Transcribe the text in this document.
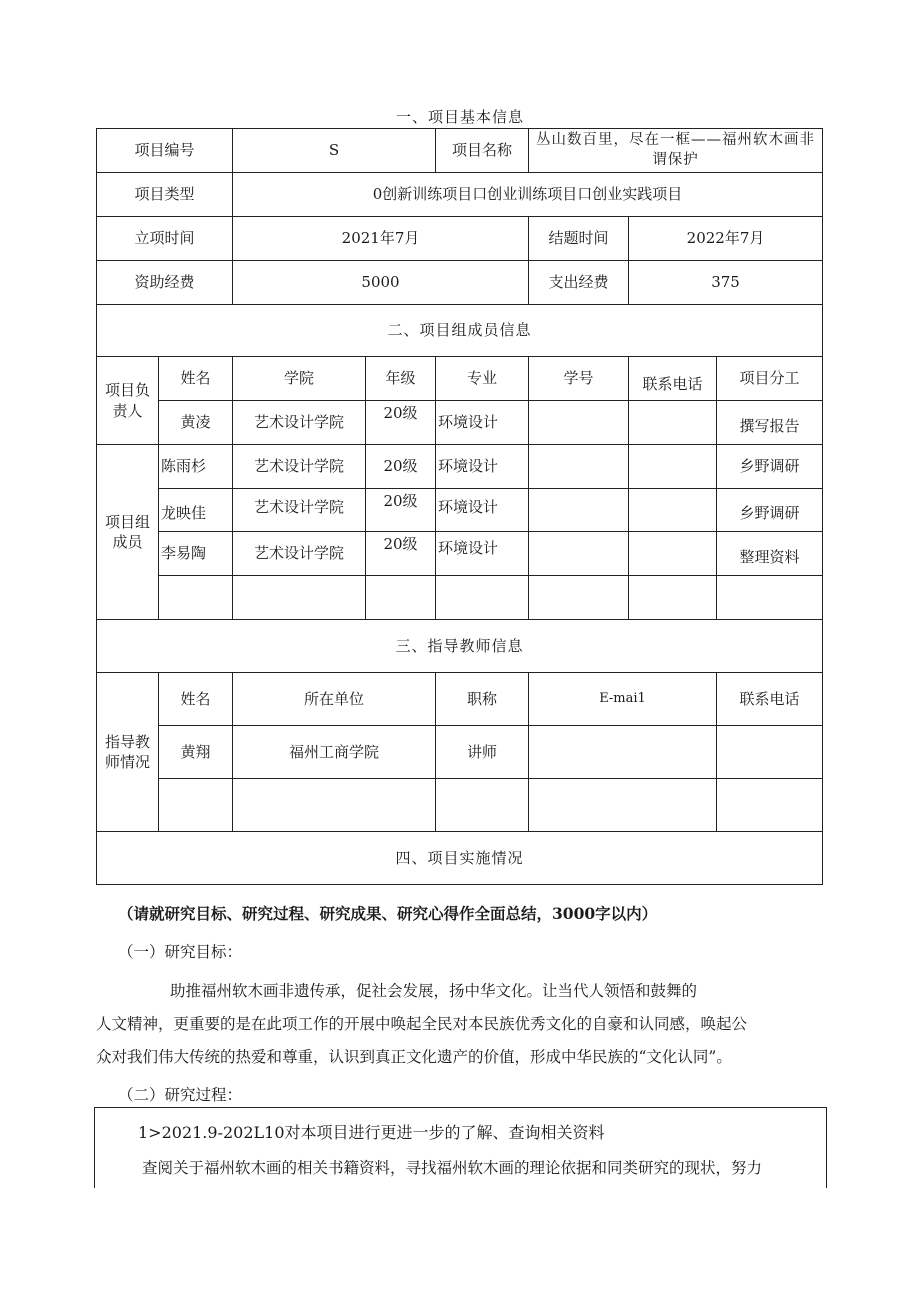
一、项目基本信息
项目编号		S		项目名称	丛山数百里，尽在一框——福州软木画非谓保护		
项目类型		0创新训练项目口创业训练项目口创业实践项目					
立项时间		2021年7月			结题时间	2022年7月	
资助经费		5000			支出经费	375	
二、项目组成员信息							
项目负责人	姓名	学院	年级	专业	学号	联系电话	项目分工
	黄凌	艺术设计学院	20级	环境设计			撰写报告
项目组成员	陈雨杉	艺术设计学院	20级	环境设计			乡野调研
	龙映佳	艺术设计学院	20级	环境设计			乡野调研
	李易陶	艺术设计学院	20级	环境设计			整理资料

三、指导教师信息							
指导教师情况	姓名	所在单位		职称	E-mai1		联系电话
	黄翔	福州工商学院		讲师			

四、项目实施情况							
（请就研究目标、研究过程、研究成果、研究心得作全面总结，3000字以内）
（一）研究目标：
助推福州软木画非遗传承，促社会发展，扬中华文化。让当代人领悟和鼓舞的
人文精神，更重要的是在此项工作的开展中唤起全民对本民族优秀文化的自豪和认同感，唤起公
众对我们伟大传统的热爱和尊重，认识到真正文化遗产的价值，形成中华民族的“文化认同”。
（二）研究过程：
1>2021.9-202L10对本项目进行更进一步的了解、查询相关资料
查阅关于福州软木画的相关书籍资料，寻找福州软木画的理论依据和同类研究的现状，努力
